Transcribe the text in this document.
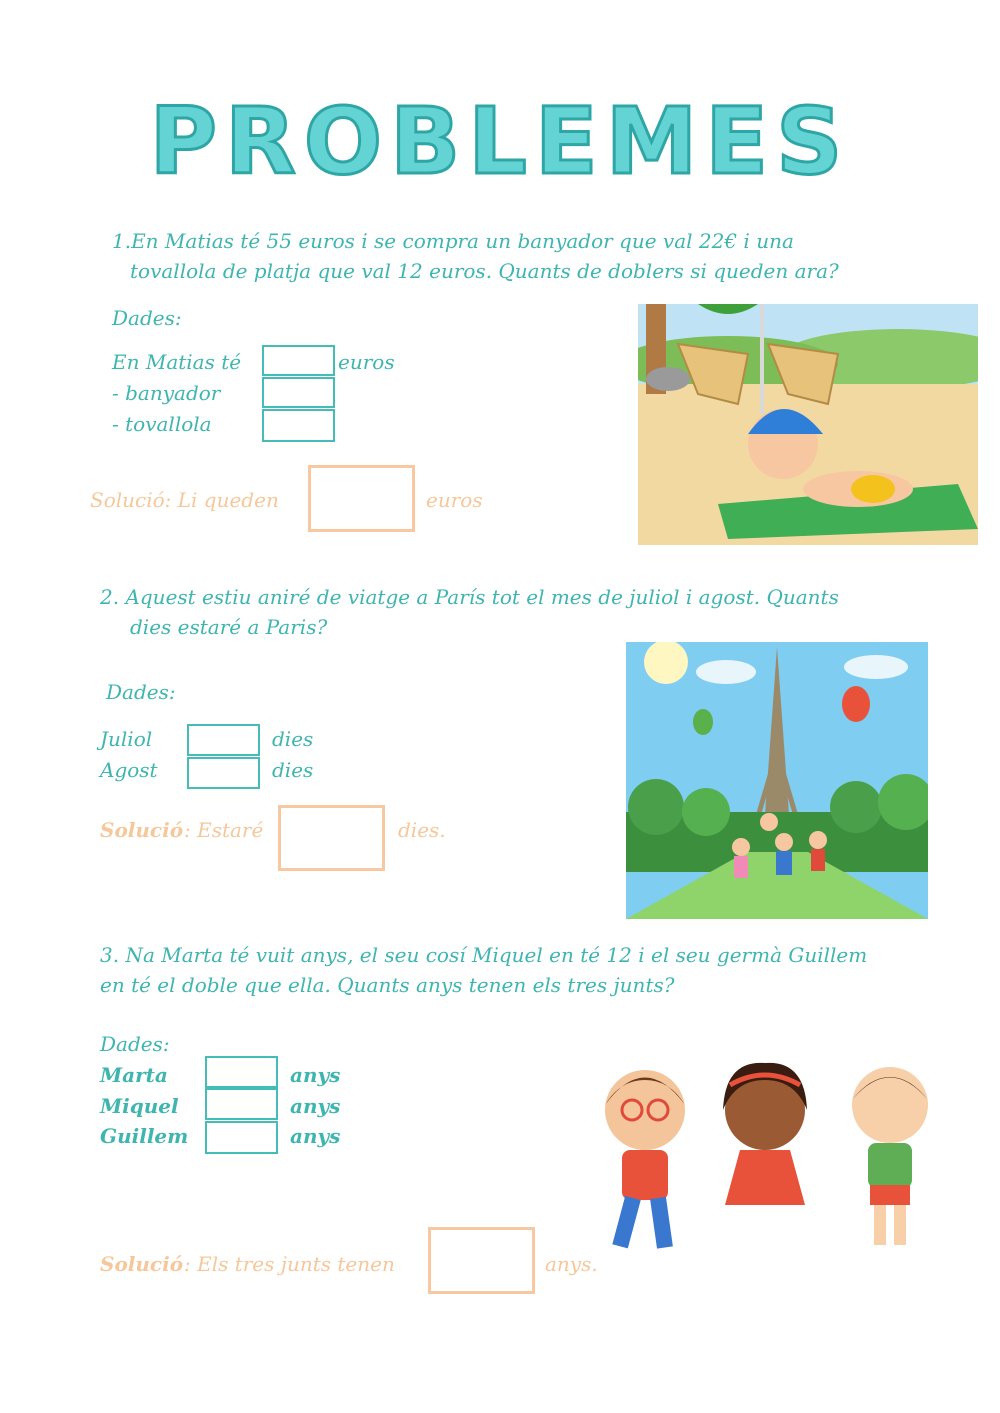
PROBLEMES
1.En Matias té 55 euros i se compra un banyador que val 22€ i una
tovallola de platja que val 12 euros. Quants de doblers si queden ara?
Dades:
En Matias té	euros
- banyador
- tovallola
Solució: Li queden	euros
2. Aquest estiu aniré de viatge a París tot el mes de juliol i agost. Quants
dies estaré a Paris?
Dades:
Juliol	dies
Agost	dies
Solució : Estaré	dies.
3. Na Marta té vuit anys, el seu cosí Miquel en té 12 i el seu germà Guillem
en té el doble que ella. Quants anys tenen els tres junts?
Dades:
Marta	anys
Miquel	anys
Guillem	anys
Solució : Els tres junts tenen	anys.
